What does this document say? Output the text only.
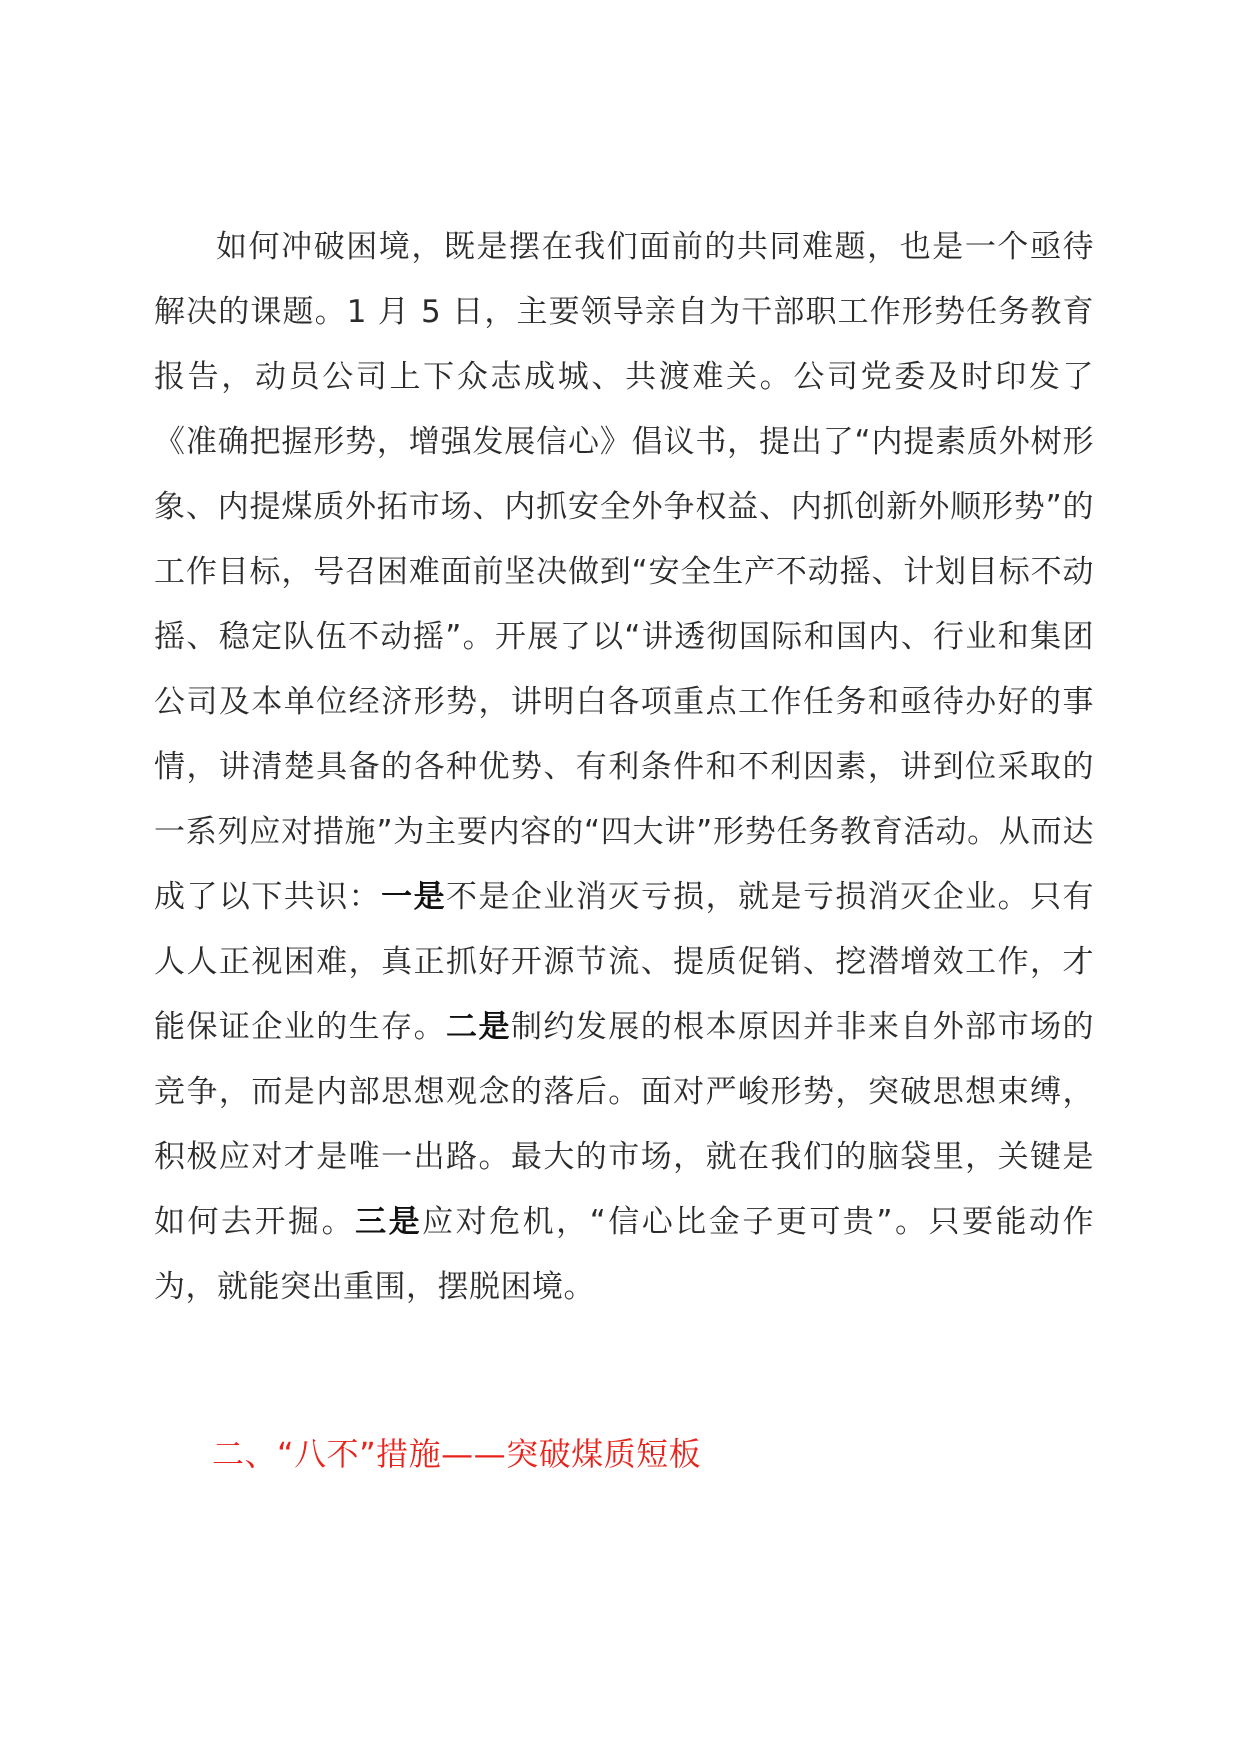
如何冲破困境，既是摆在我们面前的共同难题，也是一个亟待解决的课题。1 月 5 日，主要领导亲自为干部职工作形势任务教育报告，动员公司上下众志成城、共渡难关。公司党委及时印发了《准确把握形势，增强发展信心》倡议书，提出了“内提素质外树形象、内提煤质外拓市场、内抓安全外争权益、内抓创新外顺形势”的工作目标，号召困难面前坚决做到“安全生产不动摇、计划目标不动摇、稳定队伍不动摇”。开展了以“讲透彻国际和国内、行业和集团公司及本单位经济形势，讲明白各项重点工作任务和亟待办好的事情，讲清楚具备的各种优势、有利条件和不利因素，讲到位采取的一系列应对措施”为主要内容的“四大讲”形势任务教育活动。从而达成了以下共识：一是不是企业消灭亏损，就是亏损消灭企业。只有人人正视困难，真正抓好开源节流、提质促销、挖潜增效工作，才能保证企业的生存。二是制约发展的根本原因并非来自外部市场的竞争，而是内部思想观念的落后。面对严峻形势，突破思想束缚，积极应对才是唯一出路。最大的市场，就在我们的脑袋里，关键是如何去开掘。三是应对危机，“信心比金子更可贵”。只要能动作为，就能突出重围，摆脱困境。

二、“八不”措施——突破煤质短板
